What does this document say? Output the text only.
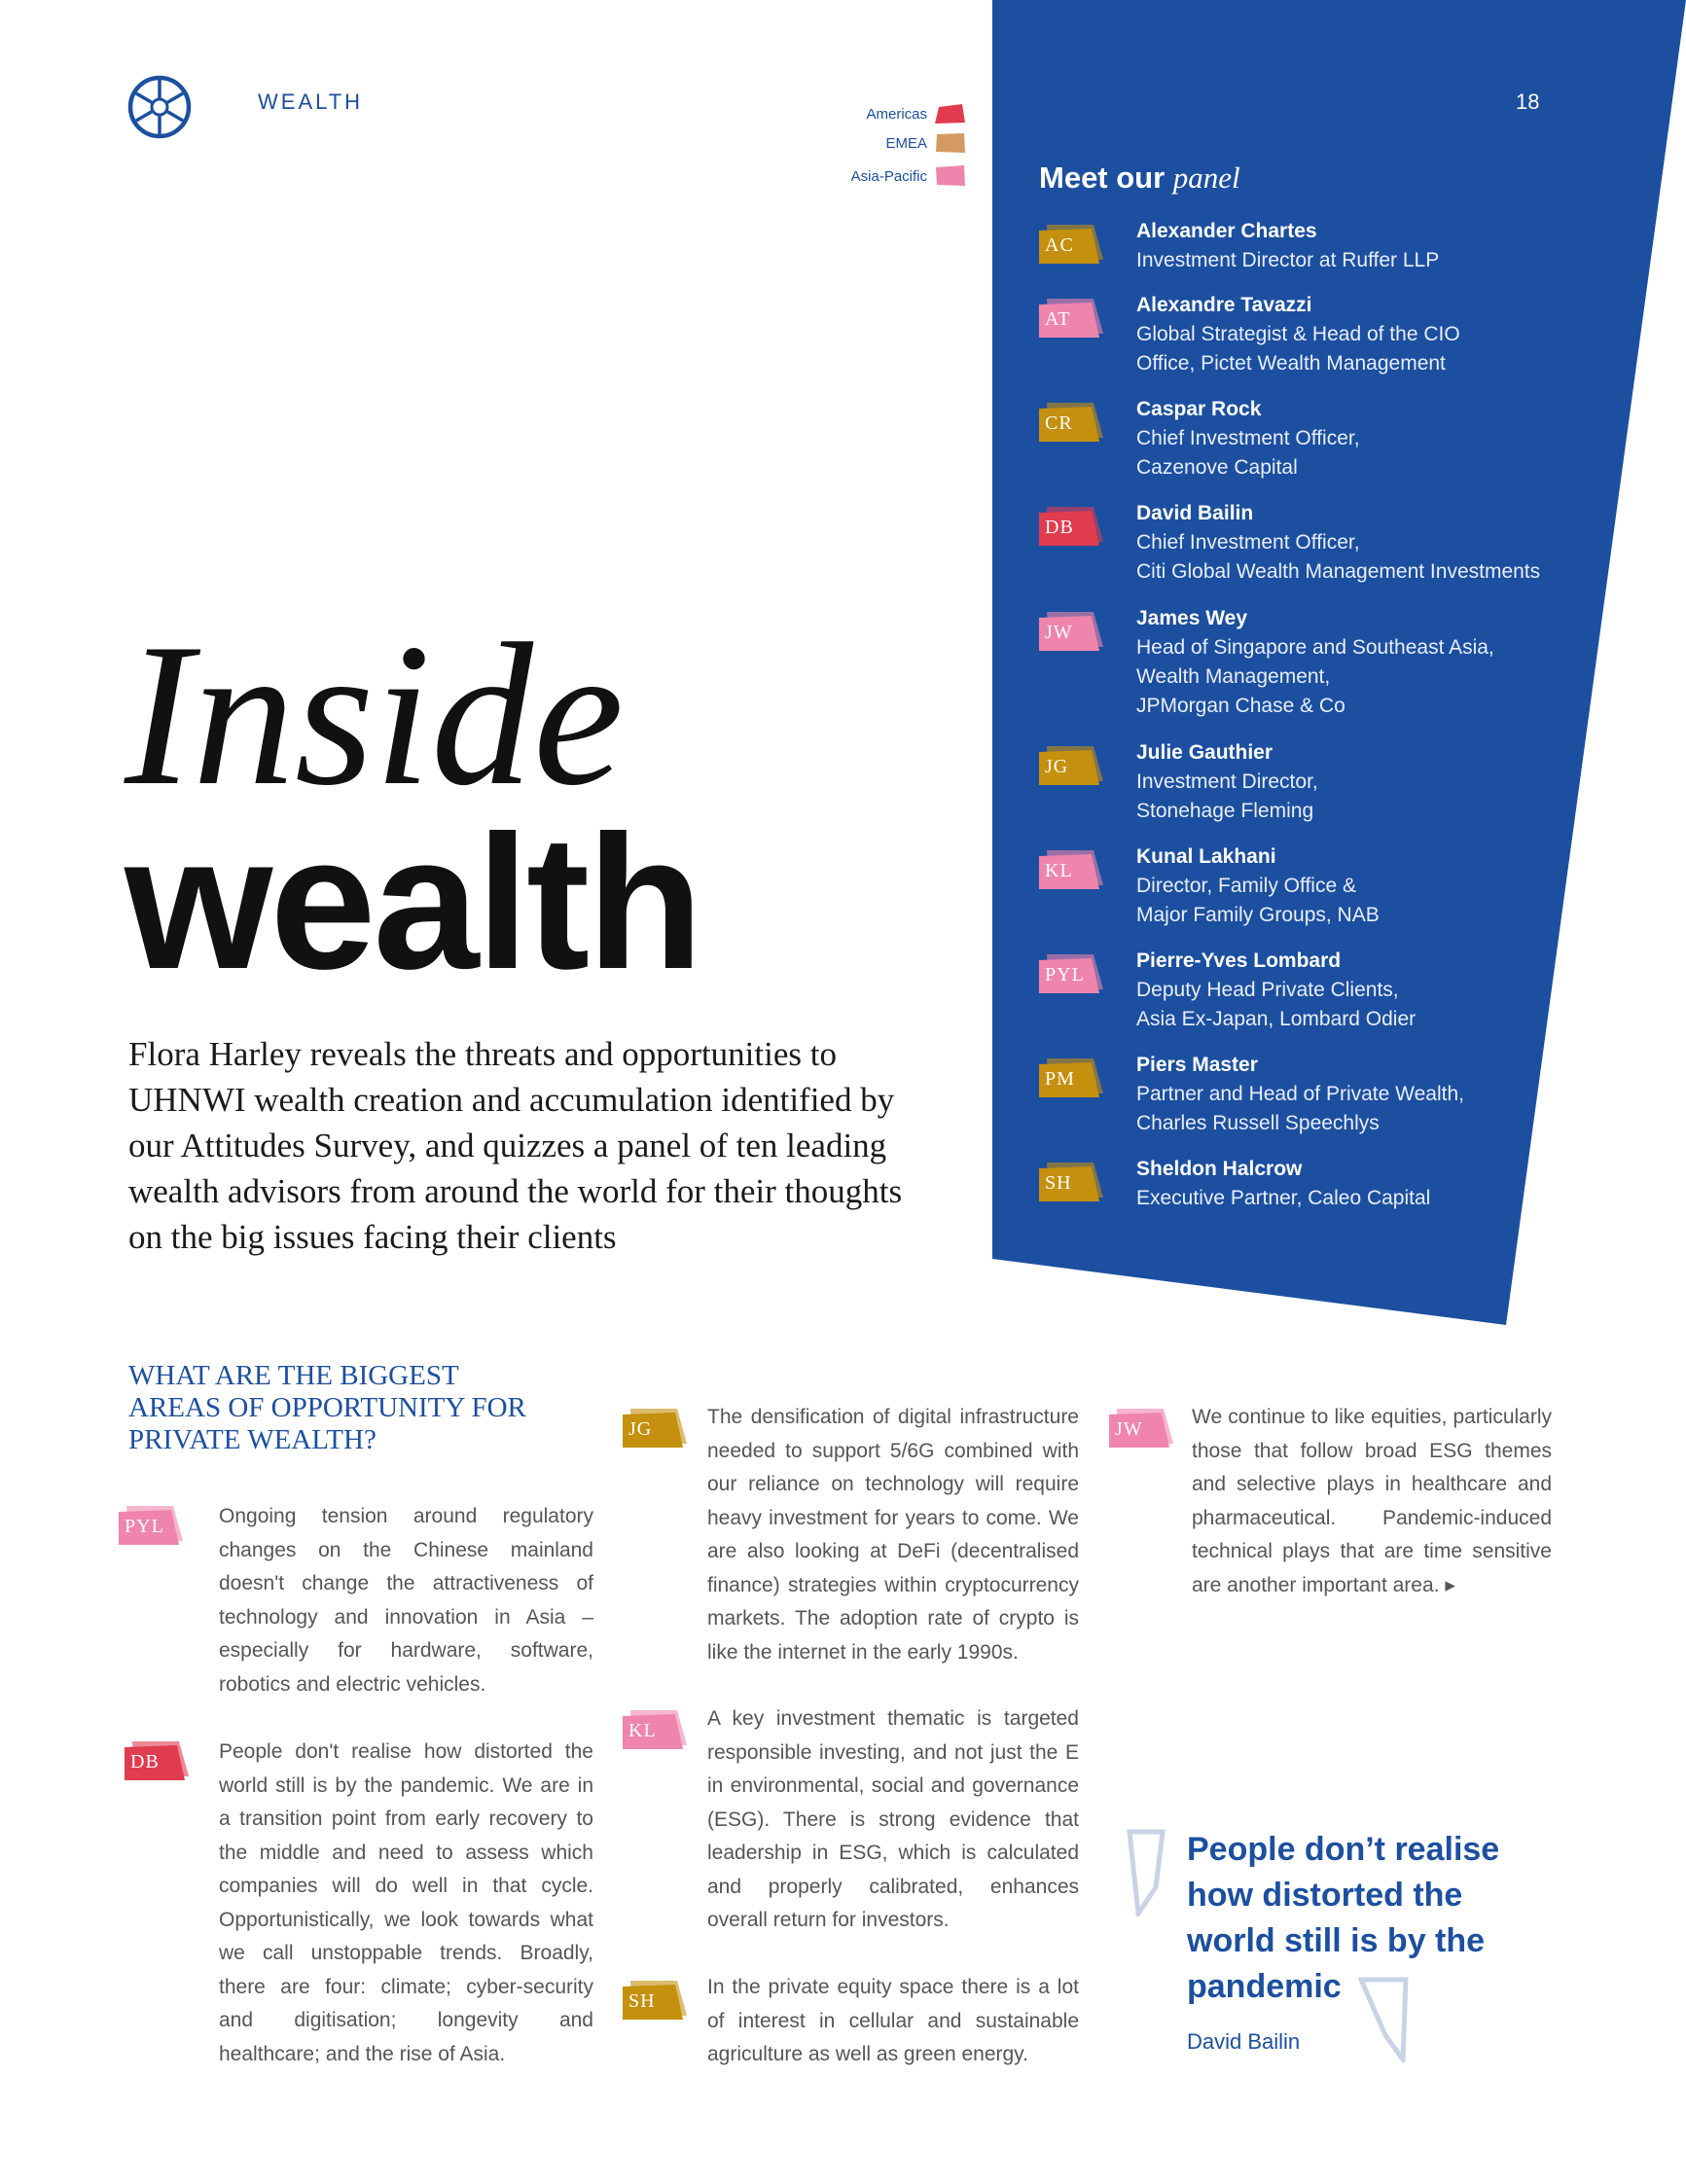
WEALTH	18
Americas
EMEA
Asia-Pacific	Meet our panel
AC
Alexander Chartes
Investment Director at Ruffer LLP
AT
Alexandre Tavazzi
Global Strategist & Head of the CIO
Office, Pictet Wealth Management
CR
Caspar Rock
Chief Investment Officer,
Cazenove Capital
DB
David Bailin
Chief Investment Officer,
Citi Global Wealth Management Investments
JW
James Wey
Head of Singapore and Southeast Asia,
Wealth Management,
JPMorgan Chase & Co
JG
Julie Gauthier
Investment Director,
Stonehage Fleming
KL
Kunal Lakhani
Director, Family Office &
Major Family Groups, NAB
PYL
Pierre-Yves Lombard
Deputy Head Private Clients,
Asia Ex-Japan, Lombard Odier
PM
Piers Master
Partner and Head of Private Wealth,
Charles Russell Speechlys
SH
Sheldon Halcrow
Executive Partner, Caleo Capital
Inside
wealth
Flora Harley reveals the threats and opportunities to UHNWI wealth creation and accumulation identified by our Attitudes Survey, and quizzes a panel of ten leading wealth advisors from around the world for their thoughts on the big issues facing their clients
WHAT ARE THE BIGGEST AREAS OF OPPORTUNITY FOR PRIVATE WEALTH?
PYL	Ongoing tension around regulatory changes on the Chinese mainland doesn't change the attractiveness of technology and innovation in Asia – especially for hardware, software, robotics and electric vehicles.
DB	People don't realise how distorted the world still is by the pandemic. We are in a transition point from early recovery to the middle and need to assess which companies will do well in that cycle. Opportunistically, we look towards what we call unstoppable trends. Broadly, there are four: climate; cyber-security and digitisation; longevity and healthcare; and the rise of Asia.
JG
The densification of digital infrastructure needed to support 5/6G combined with our reliance on technology will require heavy investment for years to come. We are also looking at DeFi (decentralised finance) strategies within cryptocurrency markets. The adoption rate of crypto is like the internet in the early 1990s.
KL
A key investment thematic is targeted responsible investing, and not just the E in environmental, social and governance (ESG). There is strong evidence that leadership in ESG, which is calculated and properly calibrated, enhances overall return for investors.
SH
In the private equity space there is a lot of interest in cellular and sustainable agriculture as well as green energy.
JW
We continue to like equities, particularly those that follow broad ESG themes and selective plays in healthcare and pharmaceutical. Pandemic-induced technical plays that are time sensitive are another important area. ▸
People don’t realise how distorted the world still is by the pandemic
David Bailin
